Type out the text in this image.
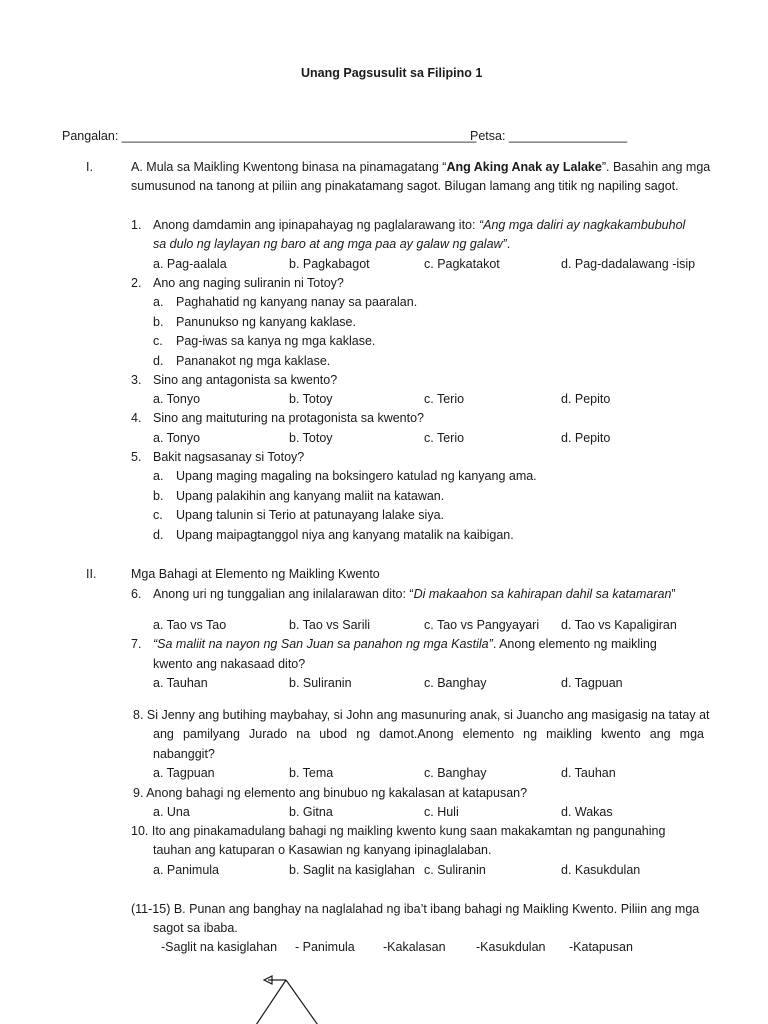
Unang Pagsusulit sa Filipino 1
Pangalan: ___________________________________________________
Petsa: _________________
I.	A. Mula sa Maikling Kwentong binasa na pinamagatang “Ang Aking Anak ay Lalake”. Basahin ang mga
sumusunod na tanong at piliin ang pinakatamang sagot. Bilugan lamang ang titik ng napiling sagot.
1. Anong damdamin ang ipinapahayag ng paglalarawang ito: “Ang mga daliri ay nagkakambubuhol
sa dulo ng laylayan ng baro at ang mga paa ay galaw ng galaw”.
a. Pag-aalala	b. Pagkabagot	c. Pagkatakot	d. Pag-dadalawang -isip
2. Ano ang naging suliranin ni Totoy?
a. Paghahatid ng kanyang nanay sa paaralan.
b. Panunukso ng kanyang kaklase.
c. Pag-iwas sa kanya ng mga kaklase.
d. Pananakot ng mga kaklase.
3. Sino ang antagonista sa kwento?
a. Tonyo	b. Totoy	c. Terio	d. Pepito
4. Sino ang maituturing na protagonista sa kwento?
a. Tonyo	b. Totoy	c. Terio	d. Pepito
5. Bakit nagsasanay si Totoy?
a. Upang maging magaling na boksingero katulad ng kanyang ama.
b. Upang palakihin ang kanyang maliit na katawan.
c. Upang talunin si Terio at patunayang lalake siya.
d. Upang maipagtanggol niya ang kanyang matalik na kaibigan.
II.	Mga Bahagi at Elemento ng Maikling Kwento
6. Anong uri ng tunggalian ang inilalarawan dito: “Di makaahon sa kahirapan dahil sa katamaran”
a. Tao vs Tao	b. Tao vs Sarili	c. Tao vs Pangyayari d. Tao vs Kapaligiran
7. “Sa maliit na nayon ng San Juan sa panahon ng mga Kastila”. Anong elemento ng maikling
kwento ang nakasaad dito?
a. Tauhan	b. Suliranin	c. Banghay	d. Tagpuan
8. Si Jenny ang butihing maybahay, si John ang masunuring anak, si Juancho ang masigasig na tatay at
ang pamilyang Jurado na ubod ng damot.Anong elemento ng maikling kwento ang mga
nabanggit?
a. Tagpuan	b. Tema	c. Banghay	d. Tauhan
9. Anong bahagi ng elemento ang binubuo ng kakalasan at katapusan?
a. Una	b. Gitna	c. Huli	d. Wakas
10. Ito ang pinakamadulang bahagi ng maikling kwento kung saan makakamtan ng pangunahing
tauhan ang katuparan o Kasawian ng kanyang ipinaglalaban.
a. Panimula	b. Saglit na kasiglahan c. Suliranin	d. Kasukdulan
(11-15) B. Punan ang banghay na naglalahad ng iba’t ibang bahagi ng Maikling Kwento. Piliin ang mga
sagot sa ibaba.
-Saglit na kasiglahan - Panimula -Kakalasan -Kasukdulan -Katapusan
